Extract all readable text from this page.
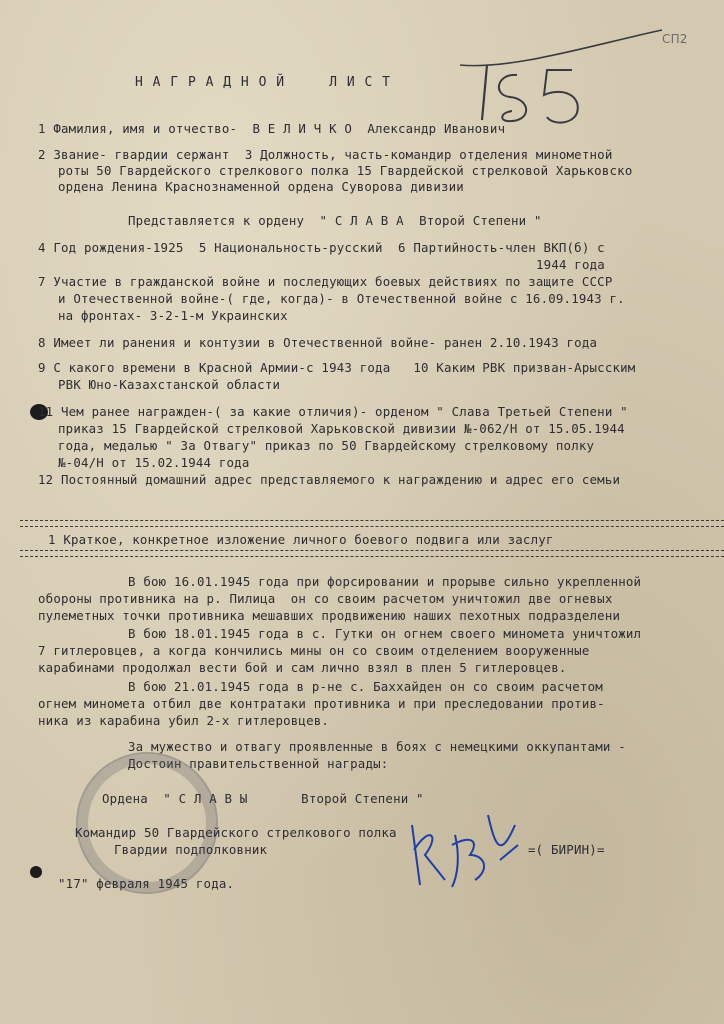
СП2
Н А Г Р А Д Н О Й     Л И С Т
1 Фамилия, имя и отчество-  В Е Л И Ч К О  Александр Иванович
2 Звание- гвардии сержант  3 Должность, часть-командир отделения минометной
роты 50 Гвардейского стрелкового полка 15 Гвардейской стрелковой Харьковско
ордена Ленина Краснознаменной ордена Суворова дивизии
Представляется к ордену  " С Л А В А  Второй Степени "
4 Год рождения-1925  5 Национальность-русский  6 Партийность-член ВКП(б) с
1944 года
7 Участие в гражданской войне и последующих боевых действиях по защите СССР
и Отечественной войне-( где, когда)- в Отечественной войне с 16.09.1943 г.
на фронтах- 3-2-1-м Украинских
8 Имеет ли ранения и контузии в Отечественной войне- ранен 2.10.1943 года
9 С какого времени в Красной Армии-с 1943 года   10 Каким РВК призван-Арысским
РВК Юно-Казахстанской области
11 Чем ранее награжден-( за какие отличия)- орденом " Слава Третьей Степени "
приказ 15 Гвардейской стрелковой Харьковской дивизии №-062/Н от 15.05.1944
года, медалью " За Отвагу" приказ по 50 Гвардейскому стрелковому полку
№-04/Н от 15.02.1944 года
12 Постоянный домашний адрес представляемого к награждению и адрес его семьи
1 Краткое, конкретное изложение личного боевого подвига или заслуг
В бою 16.01.1945 года при форсировании и прорыве сильно укрепленной
обороны противника на р. Пилица  он со своим расчетом уничтожил две огневых
пулеметных точки противника мешавших продвижению наших пехотных подразделени
В бою 18.01.1945 года в с. Гутки он огнем своего миномета уничтожил
7 гитлеровцев, а когда кончились мины он со своим отделением вооруженные
карабинами продолжал вести бой и сам лично взял в плен 5 гитлеровцев.
В бою 21.01.1945 года в р-не с. Баххайден он со своим расчетом
огнем миномета отбил две контратаки противника и при преследовании против-
ника из карабина убил 2-х гитлеровцев.
За мужество и отвагу проявленные в боях с немецкими оккупантами -
Достоин правительственной награды:
Ордена  " С Л А В Ы       Второй Степени "
Командир 50 Гвардейского стрелкового полка
Гвардии подполковник	=( БИРИН)=
"17" февраля 1945 года.
